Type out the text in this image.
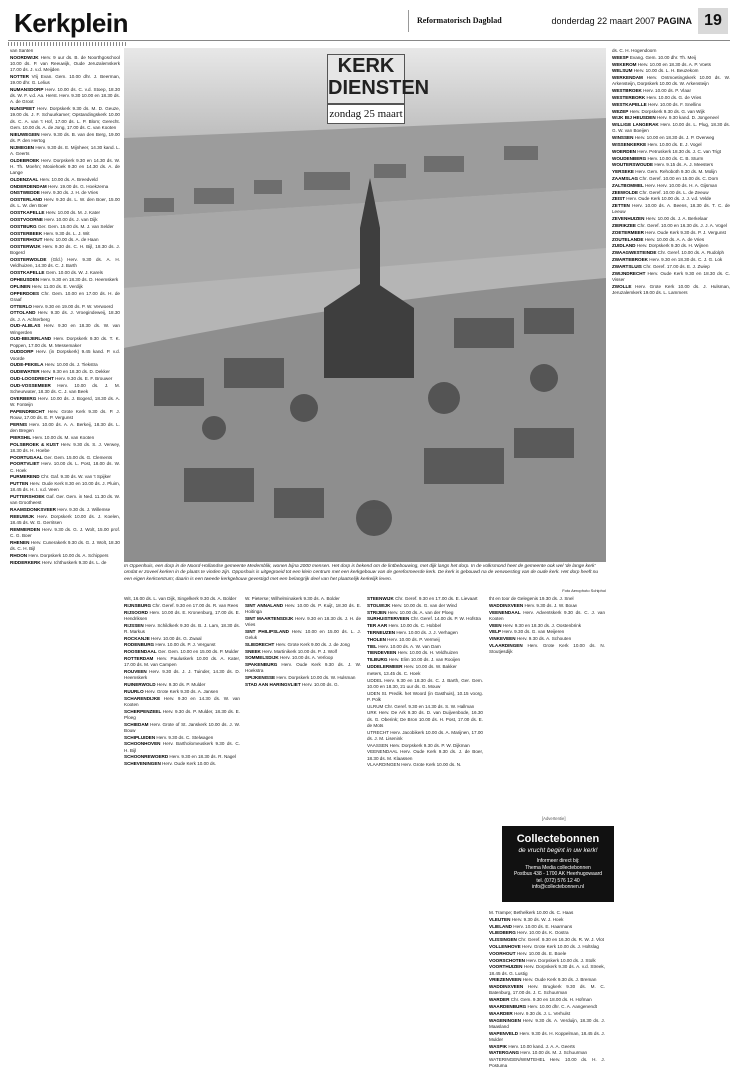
Kerkplein	Reformatorisch Dagblad	donderdag 22 maart 2007 PAGINA 19

van Santen

NOORDWIJK Herv. 9 uur ds. B. de Noorthgoschool 10.00 ds. P. van Reeuwijk, Oude Jeruzalemskerk 17.00 ds. J. v.d. Meijden

NOTTER Vrij Evan. Gem. 10.00 dhr. J. Beerman, 19.00 dhr. G. Lelius

NUMANSDORP Herv. 10.00 ds. C. v.d. Stoep, 18.30 ds. W. F. v.d. Aa. Herst. Herv. 9.30 10.00 en 18.30 ds. A. de Groot

NUNSPEET Herv. Dorpskerk 9.30 ds. M. D. Geuze, 19.00 ds. J. F. Schuurkamer; Opstandingskerk 10.00 ds. C. A. van 't Hof, 17.00 ds. L. P. Blom; Gerecht. Gem. 10.00 ds. A. de Jong, 17.00 ds. C. van Kooten

NIEUWEGEIN Herv. 9.30 ds. B. van den Berg, 19.00 ds. P. den Hertog

NIJMEGEN Herv. 9.30 ds. E. Mijnheer, 14.30 kand. L. A. Geerts

OLDEBROEK Herv. Dorpskerk 9.30 en 14.30 ds. W. H. Th. Moehn; Mooiehoek 9.30 en 14.30 ds. A. de Lange

OLDENZAAL Herv. 10.00 ds. A. Breedveld

ONDERDENDAM Herv. 19.00 ds. G. Hoekzema

ONSTWEDDE Herv. 9.30 ds. J. H. de Vries

OOSTERLAND Herv. 9.30 ds. L. W. den Boer, 15.00 ds. L. W. den Boer

OOSTKAPELLE Herv. 10.00 ds. M. J. Kater

OOSTVOORNE Herv. 10.00 ds. J. van Dijk

OOSTBURG Ger. Gem. 15.00 ds. M. J. van Selder

OOSTERBEEK Herv. 9.30 ds. L. J. Wit

OOSTERHOUT Herv. 10.00 ds. A. de Haan

OOSTERWIJK Herv. 9.30 ds. C. H. Bijl, 18.30 ds. J. Bogerd

OOSTERWOLDE (Gld.) Herv. 9.30 ds. A. H. Veldhuizen, 14.30 ds. C. J. Barth

OOSTKAPELLE Gem. 10.00 ds. W. J. Karels

OPHEUSDEN Herv. 9.30 en 18.30 ds. D. Heemskerk

OPLINEN Herv. 11.00 ds. E. Verdijk

OPPERDOES Chr. Gem. 10.00 en 17.00 ds. H. de Graaf

OTTERLO Herv. 9.30 en 19.00 ds. P. W. Verwoerd

OTTOLAND Herv. 9.30 ds. J. Vroegindeweij, 18.30 ds. J. A. Achterberg

OUD-ALBLAS Herv. 9.30 en 18.30 ds. W. van Wingerden

OUD-BEIJERLAND Herv. Dorpskerk 9.30 ds. T. K. Poppen, 17.00 ds. M. Messemaker

OUDDORP Herv. (in Dorpskerk) 9.45 kand. P. v.d. Voorde

OUDE-PEKELA Herv. 10.00 ds. J. Tiekstra

OUDEWATER Herv. 9.30 en 18.30 ds. D. Dekker

OUD-LOOSDRECHT Herv. 9.30 ds. E. F. Brouwer

OUD-VOSSEMEER Herv. 10.00 ds. J. M. Scheurwater, 18.30 ds. C. J. van Beek

OVERBERG Herv. 10.00 ds. J. Bogerd, 18.30 ds. A. W. Fonteijn

PAPENDRECHT Herv. Grote Kerk 9.30 ds. P. J. Rouw, 17.00 ds. E. P. Vergunst

PERNIS Herv. 10.00 ds. A. A. Berkeij, 18.30 ds. L. den Bregen

PIERSHIL Herv. 10.00 ds. M. van Kooten

POLSBROEK & KUST Herv. 9.30 ds. S. J. Verwey, 18.30 ds. H. Hoebe

POORTUGAAL Ger. Gem. 15.00 ds. G. Clements

POORTVLIET Herv. 10.00 ds. L. Post, 18.00 ds. W. C. Hoek

PURMEREND Chr. Gaf. 9.30 ds. W. van 't Spijker

PUTTEN Herv. Oude Kerk 8.30 en 10.00 ds. J. Pluim, 18.45 ds. H. I. v.d. Veen

PUTTERSHOEK Gaf. Ger. Gem. in Ned. 11.30 ds. W. van Grootheest

RAAMSDONKSVEER Herv. 9.30 ds. J. Willemse

REEUWIJK Herv. Dorpskerk 10.00 ds. J. Koelen, 18.45 ds. W. G. Gerritsen

REMMERDEN Herv. 9.30 ds. G. J. Wolt, 15.00 prof. C. G. Boer

RHENEN Herv. Cunerakerk 9.30 ds. G. J. Wolt, 18.30 ds. C. H. Bijl

RHOON Herv. Dorpskerk 10.00 ds. A. Schippers

RIDDERKERK Herv. Ichthuskerk 9.30 ds. L. de

KERK
DIENSTEN
zondag 25 maart
In Oppenhuis, een dorp in de Noord-Hollandse gemeente Medemblik, wonen bijna 2000 mensen. Het dorp is bekend om de lintbebouwing, met dijk langs het dorp. In de volksmond heet de gemeente ook wel 'de lange kerk' omdat er zoveel kerken in de plaats te vinden zijn. Opposhuis is uitgegroeid tot een klein centrum met een kerkgebouw van de gereformeerde kerk. De kerk is gebouwd na de verwoesting van de oude kerk. Het dorp heeft nu een eigen kerkcentrum; daarin is een tweede kerkgebouw gevestigd met een belangrijk deel van het plaatselijk kerkelijk leven.
Foto Aerophoto Schiphol

Wit, 16.00 ds. L. van Dijk, Singelkerk 9.30 ds. A. Bolder

RIJNSBURG Chr. Geref. 9.30 en 17.00 ds. R. van Rees

RIJSOORD Herv. 10.00 ds. E. Kronenburg, 17.00 ds. E. Hendriksen

RIJSSEN Herv. Schildkerk 9.30 ds. B. J. Lam, 18.30 ds. R. Markus

ROCKANJE Herv. 10.00 ds. G. Zwaal

RODENBURG Herv. 10.00 ds. P. J. Vergunst

ROOSENDAAL Ger. Gem. 10.00 en 15.00 ds. P. Mulder

ROTTERDAM Herv. Pauluskerk 10.00 ds. A. Kater, 17.00 ds. M. van Campen

ROUVEEN Herv. 9.30 ds. J. J. Tuinder, 14.30 ds. D. Heemskerk

RUINERWOLD Herv. 9.30 ds. P. Mulder

RUURLO Herv. Grote Kerk 9.30 ds. A. Jansen

SCHARENDIJKE Herv. 9.30 en 14.30 ds. W. van Kooten

SCHERPENZEEL Herv. 9.30 ds. P. Mulder, 18.30 ds. E. Ploeg

SCHIEDAM Herv. Grote of St. Janskerk 10.00 ds. J. W. Bouw

SCHIPLUIDEN Herv. 9.30 ds. C. Stelwagen

SCHOONHOVEN Herv. Bartholomeuskerk 9.30 ds. C. H. Bijl

SCHOONREWOERD Herv. 9.30 en 18.30 ds. R. Nagel

SCHEVENINGEN Herv. Oude Kerk 10.00 ds.

W. Pieterse; Wilhelminakerk 9.30 ds. A. Bolder

SINT ANNALAND Herv. 10.00 ds. P. Kuijt, 18.30 ds. E. Hoitinga

SINT MAARTENSDIJK Herv. 9.30 en 18.30 ds. J. H. de Vries

SINT PHILIPSLAND Herv. 10.00 en 15.00 ds. L. J. Geluk

SLIEDRECHT Herv. Grote Kerk 9.00 ds. J. de Jong

SNEEK Herv. Martinikerk 10.00 ds. P. J. Wolf

SOMMELSDIJK Herv. 10.00 ds. A. Verloop

SPAKENBURG Herv. Oude Kerk 9.30 ds. J. W. Hoekstra

SPIJKENISSE Herv. Dorpskerk 10.00 ds. W. Hulsman

STAD AAN HARINGVLIET Herv. 10.00 ds. G.

STEENWIJK Chr. Geref. 9.30 en 17.00 ds. E. Lievaart

STOLWIJK Herv. 10.00 ds. G. van der Wind

STRIJEN Herv. 10.00 ds. A. van der Ploeg

SURHUISTERVEEN Chr. Geref. 14.00 ds. P. W. Hofstra

TER AAR Herv. 10.00 ds. C. Hobbel

TERNEUZEN Herv. 10.00 ds. J. J. Verhagen

THOLEN Herv. 10.00 ds. P. Vermeij

TIEL Herv. 10.00 ds. A. W. van Dam

TIENDEVEEN Herv. 10.00 ds. H. Veldhuizen

TILBURG Herv. Elim 10.00 ds. J. van Rooijen

UDDELERMEER Herv. 10.00 ds. W. Bakker

meters, 13.45 ds. C. Hoek

UDDEL Herv. 9.30 en 18.30 ds. C. J. Barth, Ger. Gem. 10.00 en 18.30, 21 uur ds. G. Mouw

UDEN St. Predik. het Woord (in Gasthuis), 10.15 voorg. P. Polk

ULRUM Chr. Geref. 9.30 en 14.30 ds. S. W. Hallman

URK Herv. De Ark 9.30 ds. D. van Duijvenbode, 16.30 ds. G. Oberink; De Bron 10.00 ds. H. Post, 17.00 ds. E. de Mots

UTRECHT Herv. Jacobikerk 10.00 ds. A. Marijnen, 17.00 ds. J. M. Lisenink

VAASSEN Herv. Dorpskerk 9.30 ds. P. W. Dijkman

VEENENDAAL Herv. Oude Kerk 9.30 ds. J. de Boer, 18.30 ds. M. Klaassen

VLAARDINGEN Herv. Grote Kerk 10.00 ds. N.

tht en toor de Gelegenis 19.30 ds. J. Snel

WADDINXVEEN Herv. 9.30 ds. J. W. Bouw

VEENENDAAL Herv. Adventskerk 9.30 ds. C. J. van Kooten

VEEN Herv. 9.30 en 18.30 ds. J. Oostenbrink

VELP Herv. 9.30 ds. G. van Meijeren

VINKEVEEN Herv. 9.30 ds. A. Schouten

VLAARDINGEN Herv. Grote Kerk 10.00 ds. N. Stoutjesdijk

[Advertentie]
Collectebonnen
de vrucht begint in uw kerk!
Informeer direct bij:
Thema Media collectebonnen
Postbus 438 - 1700 AK Heerhugowaard
tel. (072) 576 12 40
info@collectebonnen.nl

M. Trampe; Bethelkerk 10.00 ds. C. Haas

VLEUTEN Herv. 9.30 ds. W. J. Hoek

VLIELAND Herv. 10.00 ds. E. Haarmans

VLIEDBERG Herv. 10.00 ds. K. Oostra

VLISSINGEN Chr. Geref. 9.30 en 16.30 ds. R. W. J. Vlot

VOLLENHOVE Herv. Grote Kerk 10.00 ds. J. Holtslag

VOORHOUT Herv. 10.00 ds. E. Boele

VOORSCHOTEN Herv. Dorpskerk 10.00 ds. J. Stolk

VOORTHUIZEN Herv. Dorpskerk 9.30 ds. A. v.d. Streek, 18.45 ds. G. Lustig

VRIEZENVEEN Herv. Oude Kerk 9.30 ds. J. Breman

WADDINXVEEN Herv. Brugkerk 9.30 ds. M. C. Batenburg, 17.00 ds. J. C. Schuurman

WARDER Chr. Gem. 9.30 en 18.00 ds. H. Hofman

WAARDENBURG Herv. 10.00 dhr. C. A. Aangenendt

WAARDER Herv. 9.30 ds. J. L. Verhulst

WAGENINGEN Herv. 9.30 ds. A. Verduijn, 18.30 ds. J. Maasland

WAPENVELD Herv. 9.30 ds. H. Koppelman, 18.45 ds. J. Mulder

WASPIK Herv. 10.00 kand. J. A. A. Geerts

WATERGANG Herv. 10.00 ds. M. J. Schuurman

WATERINGEN/WIMTEHEL Herv. 10.00 ds. H. J. Postuma

ds. C. H. Hogendoorn

WEESP Evang. Gem. 10.00 dhr. Th. Meij

WEKEROM Herv. 10.00 en 18.30 ds. A. P. Voets

WELSUM Herv. 10.00 ds. L. H. Beuzekom

WERKENDAM Herv. Ontmoetingskerk 10.00 ds. W. Arkensteijn, Dorpskerk 10.00 ds. W. Arkensteijn

WESTBROEK Herv. 10.00 ds. P. Vlaar

WESTERBORK Herv. 10.00 ds. G. de Vries

WESTKAPELLE Herv. 10.00 ds. F. Snellinx

WEZEP Herv. Dorpskerk 9.30 ds. G. van Wijk

WIJK BIJ HEUSDEN Herv. 9.30 kand. D. Jongeneel

WILLIGE LANGERAK Herv. 10.00 ds. L. Plug, 18.30 ds. G. W. van Boeijen

WINSSEN Herv. 10.00 en 18.30 ds. J. P. Overweg

WISSENKERKE Herv. 10.00 ds. E. J. Vogel

WOERDEN Herv. Petruskerk 18.30 ds. J. C. van Trigt

WOUDENBERG Herv. 10.00 ds. C. B. Sturm

WOUTERSWOUDE Herv. 9.15 ds. A. J. Meesters

YERSEKE Herv. Gem. Rehoboth 9.30 ds. M. Molijn

ZAAMSLAG Chr. Geref. 10.00 en 15.00 ds. C. Dorn

ZALTBOMMEL Herv. Herv. 10.00 ds. H. A. Gijsman

ZEEWOLDE Chr. Geref. 10.00 ds. L. de Zeeuw

ZEIST Herv. Oude Kerk 10.00 ds. J. J. v.d. Velde

ZETTEN Herv. 10.00 ds. A. Beens, 18.30 ds. T. C. de Leeuw

ZEVENHUIZEN Herv. 10.00 ds. J. A. Berkelaar

ZIERIKZEE Chr. Geref. 10.00 en 16.30 ds. J. J. A. Vogel

ZOETERMEER Herv. Oude Kerk 9.30 ds. P. J. Vergunst

ZOUTELANDE Herv. 10.00 ds. A. A. de Vries

ZUIDLAND Herv. Dorpskerk 9.30 ds. H. Wijnen

ZWAAGWESTEINDE Chr. Geref. 10.00 ds. A. Rudolph

ZWARTEBROEK Herv. 9.30 en 18.30 ds. C. J. G. Lok

ZWARTSLUIS Chr. Geref. 17.00 ds. E. J. Zwiep

ZWIJNDRECHT Herv. Oude Kerk 9.30 en 18.30 ds. C. Visser

ZWOLLE Herv. Grote Kerk 10.00 ds. J. Hulsman, Jeruzalemkerk 19.00 ds. L. Lammers
